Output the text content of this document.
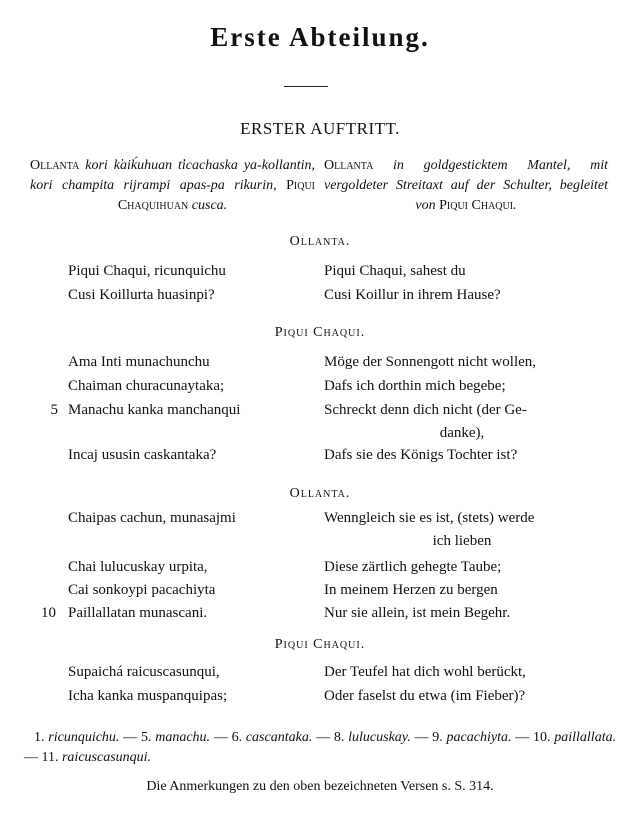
Erste Abteilung.
ERSTER AUFTRITT.
Ollanta kori k̕aiḱuhuan t̕icachaska ya-kollantin, kori champita rijrampi apas-pa ri̕kurin, Piqui Chaquihuan cusca.
Ollanta in goldgesticktem Mantel, mit vergoldeter Streitaxt auf der Schulter, begleitet von Piqui Chaqui.
Ollanta.
Piqui Chaqui, ricunquichu	Piqui Chaqui, sahest du
Cusi Koillurta huasinpi?	Cusi Koillur in ihrem Hause?
Piqui Chaqui.
Ama Inti munachunchu	Möge der Sonnengott nicht wollen,
Chaiman churacunaytaka;	Dafs ich dorthin mich begebe;
5 Manachu kanka manchanqui	Schreckt denn dich nicht (der Ge-
danke),
Incaj ususin caskantaka?	Dafs sie des Königs Tochter ist?
Ollanta.
Chaipas cachun, munasajmi	Wenngleich sie es ist, (stets) werde
ich lieben
Chai lulucuskay urpita,	Diese zärtlich gehegte Taube;
Cai sonkoypi pacachiyta	In meinem Herzen zu bergen
10 Paillallatan munascani.	Nur sie allein, ist mein Begehr.
Piqui Chaqui.
Supaichá raicuscasunqui,	Der Teufel hat dich wohl berückt,
Icha kanka muspanquipas;	Oder faselst du etwa (im Fieber)?
1. ricunquichu. — 5. manachu. — 6. cascantaka. — 8. lulucuskay. — 9. pacachiyta. — 10. paillallata. — 11. raicuscasunqui.
Die Anmerkungen zu den oben bezeichneten Versen s. S. 314.
